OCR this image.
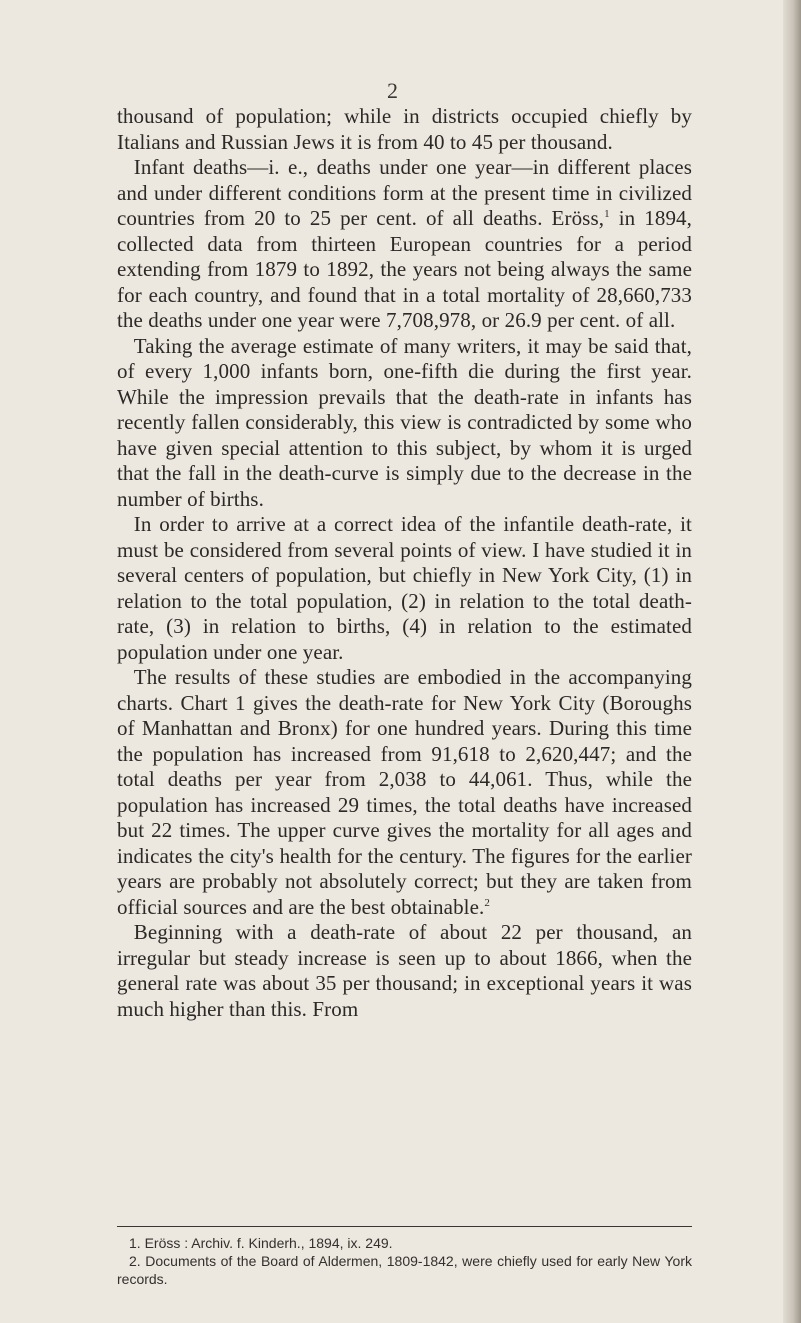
2

thousand of population; while in districts occupied chiefly by Italians and Russian Jews it is from 40 to 45 per thousand.

Infant deaths—i. e., deaths under one year—in different places and under different conditions form at the present time in civilized countries from 20 to 25 per cent. of all deaths. Eröss,$^1$ in 1894, collected data from thirteen European countries for a period extending from 1879 to 1892, the years not being always the same for each country, and found that in a total mortality of 28,660,733 the deaths under one year were 7,708,978, or 26.9 per cent. of all.

Taking the average estimate of many writers, it may be said that, of every 1,000 infants born, one-fifth die during the first year. While the impression prevails that the death-rate in infants has recently fallen considerably, this view is contradicted by some who have given special attention to this subject, by whom it is urged that the fall in the death-curve is simply due to the decrease in the number of births.

In order to arrive at a correct idea of the infantile death-rate, it must be considered from several points of view. I have studied it in several centers of population, but chiefly in New York City, (1) in relation to the total population, (2) in relation to the total death-rate, (3) in relation to births, (4) in relation to the estimated population under one year.

The results of these studies are embodied in the accompanying charts. Chart 1 gives the death-rate for New York City (Boroughs of Manhattan and Bronx) for one hundred years. During this time the population has increased from 91,618 to 2,620,447; and the total deaths per year from 2,038 to 44,061. Thus, while the population has increased 29 times, the total deaths have increased but 22 times. The upper curve gives the mortality for all ages and indicates the city's health for the century. The figures for the earlier years are probably not absolutely correct; but they are taken from official sources and are the best obtainable.$^2$

Beginning with a death-rate of about 22 per thousand, an irregular but steady increase is seen up to about 1866, when the general rate was about 35 per thousand; in exceptional years it was much higher than this. From

1. Eröss : Archiv. f. Kinderh., 1894, ix. 249.

2. Documents of the Board of Aldermen, 1809-1842, were chiefly used for early New York records.
